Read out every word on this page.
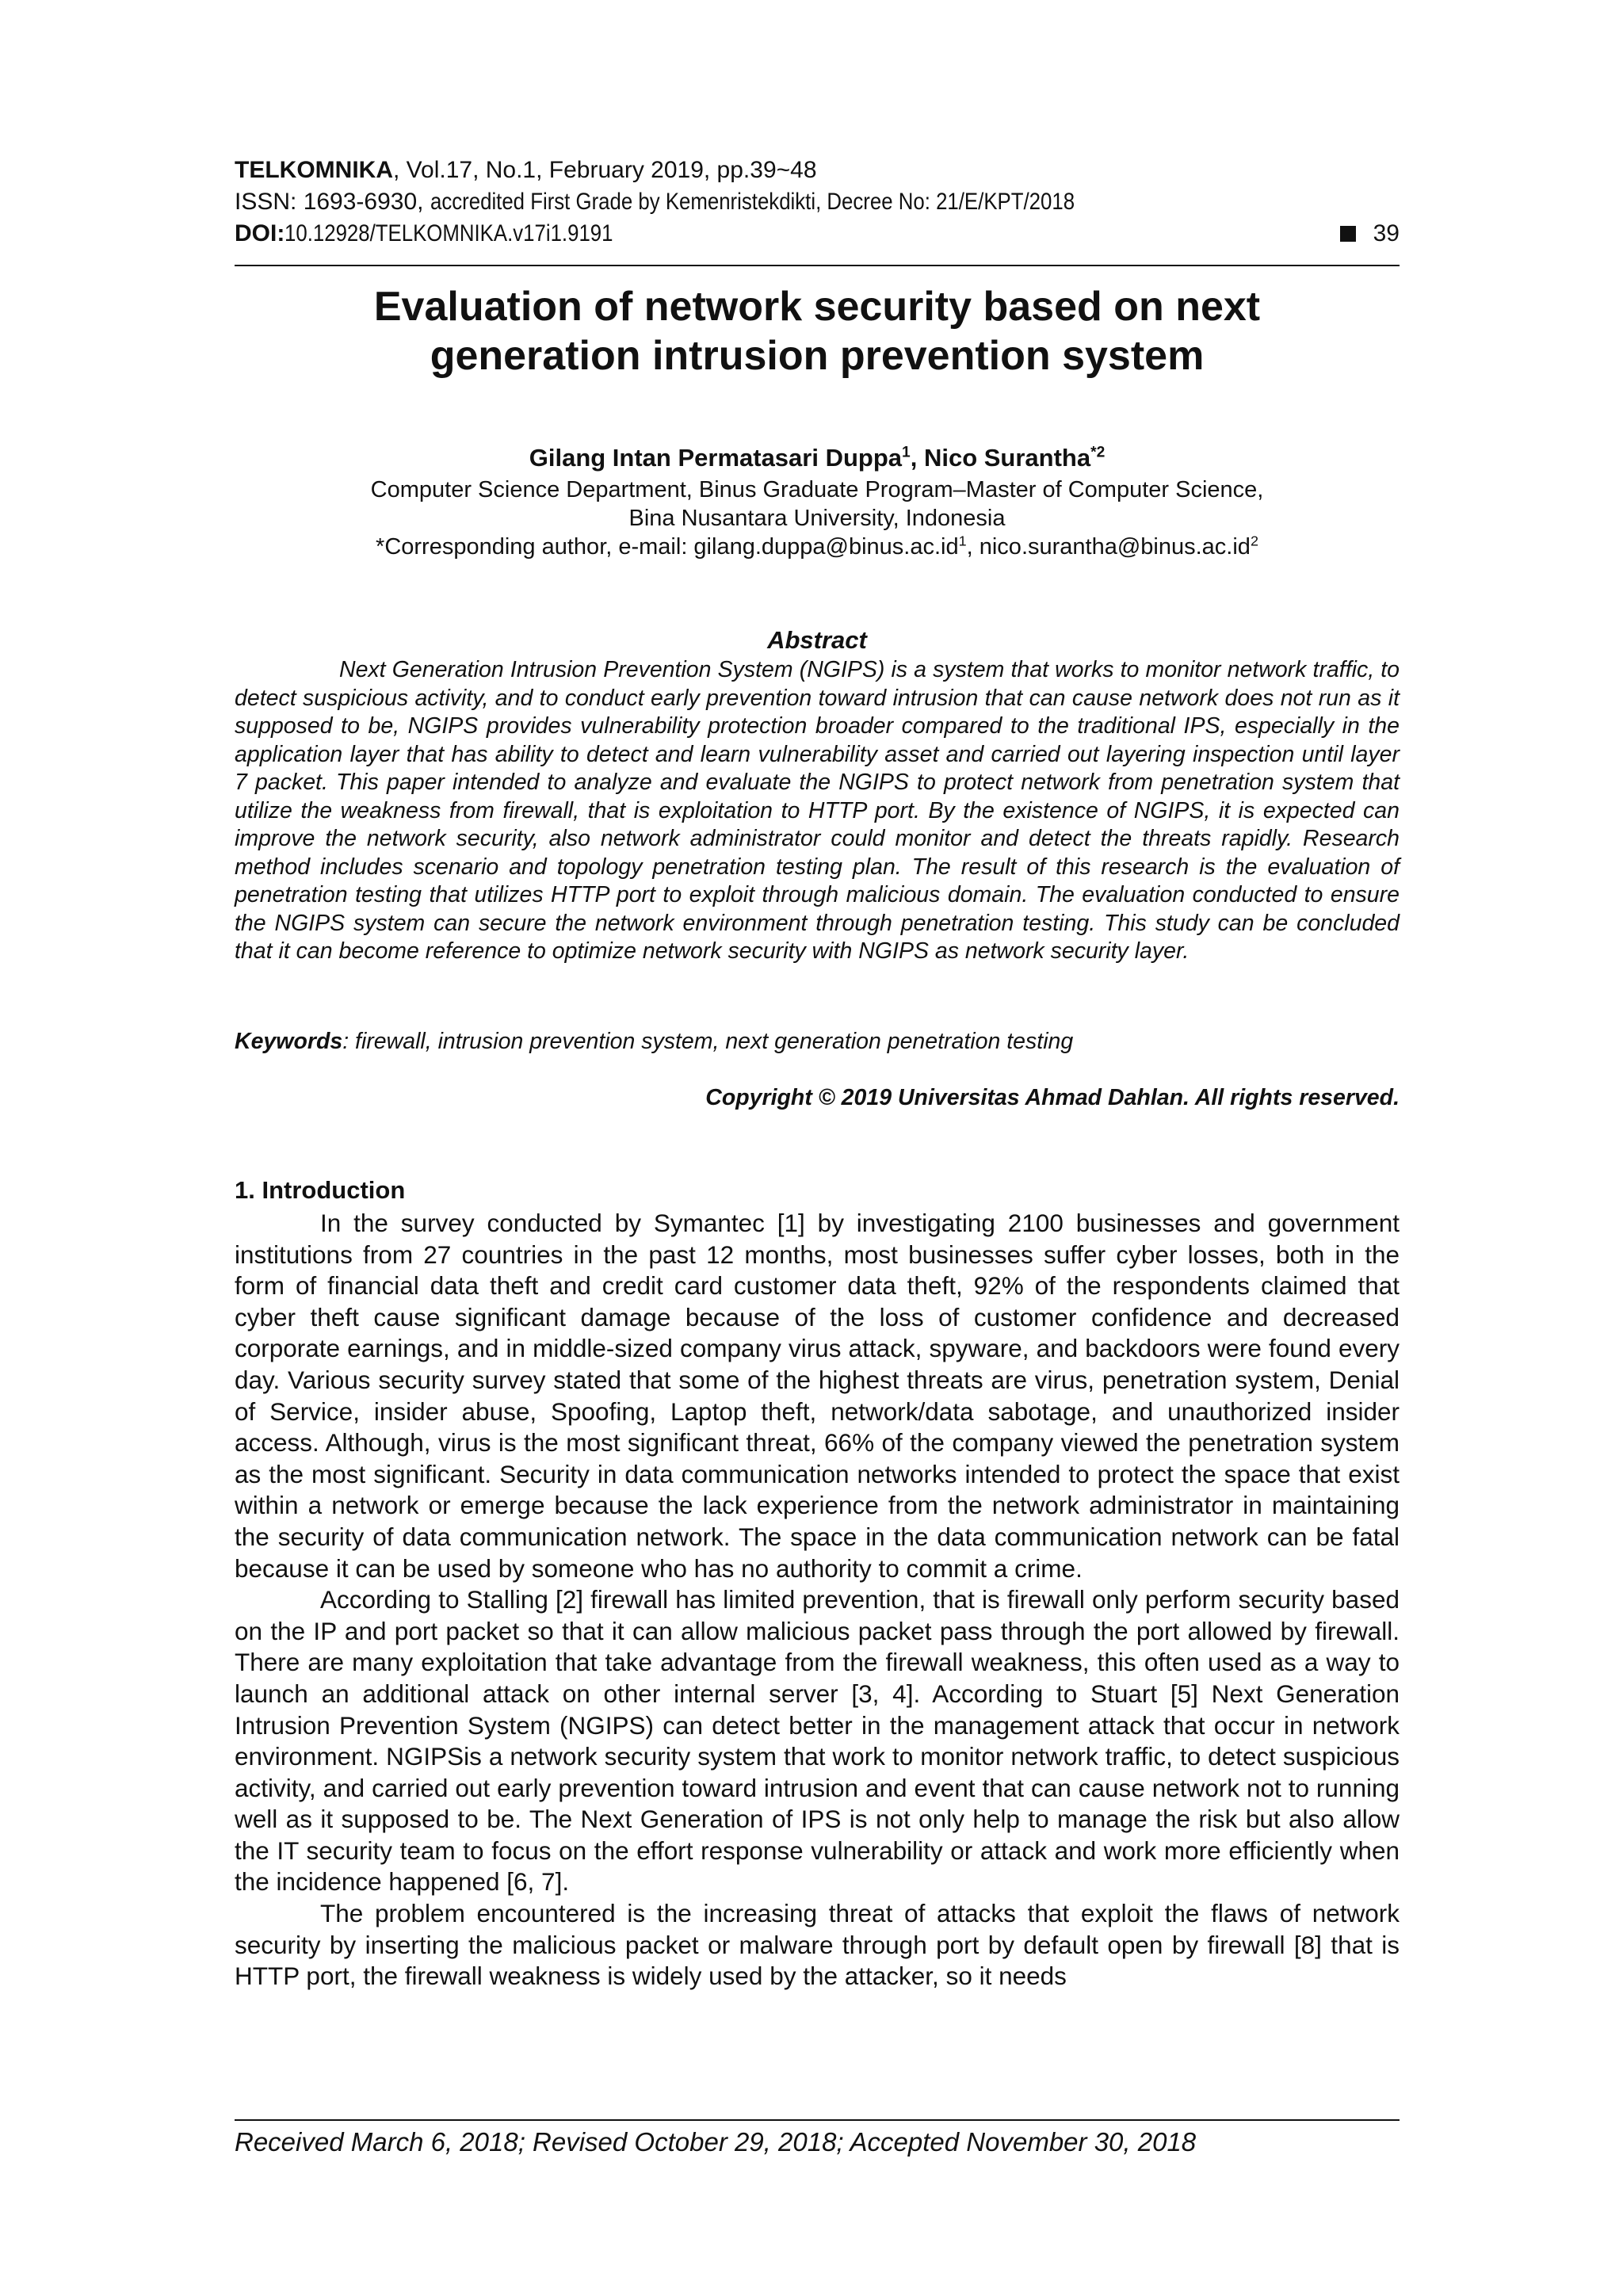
TELKOMNIKA, Vol.17, No.1, February 2019, pp.39~48
ISSN: 1693-6930, accredited First Grade by Kemenristekdikti, Decree No: 21/E/KPT/2018
DOI:10.12928/TELKOMNIKA.v17i1.9191	39
Evaluation of network security based on next
generation intrusion prevention system
Gilang Intan Permatasari Duppa$^1$, Nico Surantha$^{*2}$
Computer Science Department, Binus Graduate Program–Master of Computer Science,
Bina Nusantara University, Indonesia
*Corresponding author, e-mail: $gilang.duppa@binus.ac.id^1$, $nico.surantha@binus.ac.id^2$
Abstract

Next Generation Intrusion Prevention System (NGIPS) is a system that works to monitor network traffic, to detect suspicious activity, and to conduct early prevention toward intrusion that can cause network does not run as it supposed to be, NGIPS provides vulnerability protection broader compared to the traditional IPS, especially in the application layer that has ability to detect and learn vulnerability asset and carried out layering inspection until layer 7 packet. This paper intended to analyze and evaluate the NGIPS to protect network from penetration system that utilize the weakness from firewall, that is exploitation to HTTP port. By the existence of NGIPS, it is expected can improve the network security, also network administrator could monitor and detect the threats rapidly. Research method includes scenario and topology penetration testing plan. The result of this research is the evaluation of penetration testing that utilizes HTTP port to exploit through malicious domain. The evaluation conducted to ensure the NGIPS system can secure the network environment through penetration testing. This study can be concluded that it can become reference to optimize network security with NGIPS as network security layer.

Keywords: firewall, intrusion prevention system, next generation penetration testing
Copyright © 2019 Universitas Ahmad Dahlan. All rights reserved.
1. Introduction

In the survey conducted by Symantec [1] by investigating 2100 businesses and government institutions from 27 countries in the past 12 months, most businesses suffer cyber losses, both in the form of financial data theft and credit card customer data theft, 92% of the respondents claimed that cyber theft cause significant damage because of the loss of customer confidence and decreased corporate earnings, and in middle-sized company virus attack, spyware, and backdoors were found every day. Various security survey stated that some of the highest threats are virus, penetration system, Denial of Service, insider abuse, Spoofing, Laptop theft, network/data sabotage, and unauthorized insider access. Although, virus is the most significant threat, 66% of the company viewed the penetration system as the most significant. Security in data communication networks intended to protect the space that exist within a network or emerge because the lack experience from the network administrator in maintaining the security of data communication network. The space in the data communication network can be fatal because it can be used by someone who has no authority to commit a crime.

According to Stalling [2] firewall has limited prevention, that is firewall only perform security based on the IP and port packet so that it can allow malicious packet pass through the port allowed by firewall. There are many exploitation that take advantage from the firewall weakness, this often used as a way to launch an additional attack on other internal server [3, 4]. According to Stuart [5] Next Generation Intrusion Prevention System (NGIPS) can detect better in the management attack that occur in network environment. NGIPSis a network security system that work to monitor network traffic, to detect suspicious activity, and carried out early prevention toward intrusion and event that can cause network not to running well as it supposed to be. The Next Generation of IPS is not only help to manage the risk but also allow the IT security team to focus on the effort response vulnerability or attack and work more efficiently when the incidence happened [6, 7].

The problem encountered is the increasing threat of attacks that exploit the flaws of network security by inserting the malicious packet or malware through port by default open by firewall [8] that is HTTP port, the firewall weakness is widely used by the attacker, so it needs

Received March 6, 2018; Revised October 29, 2018; Accepted November 30, 2018
